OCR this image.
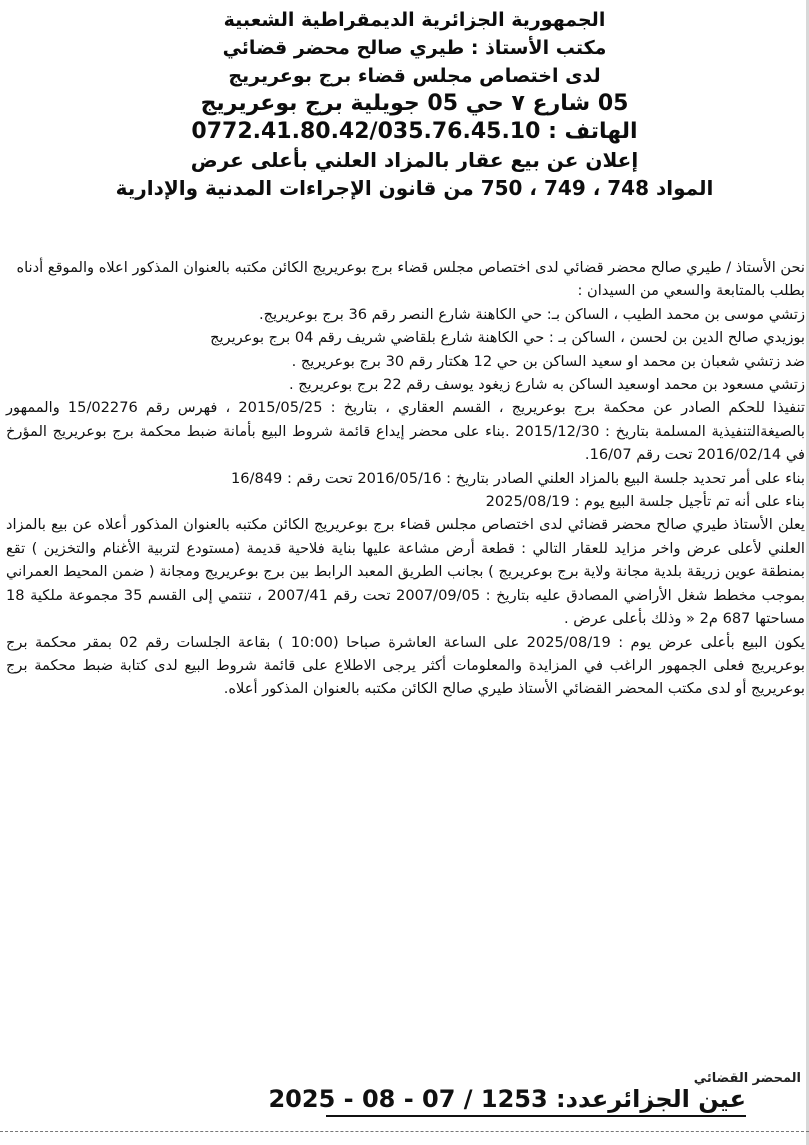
الجمهورية الجزائرية الديمقراطية الشعبية
مكتب الأستاذ : طيري صالح محضر قضائي
لدى اختصاص مجلس قضاء برج بوعريريج
05 شارع ٧ حي 05 جويلية برج بوعريريج
الهاتف : 0772.41.80.42/035.76.45.10
إعلان عن بيع عقار بالمزاد العلني بأعلى عرض
المواد 748 ، 749 ، 750 من قانون الإجراءات المدنية والإدارية

نحن الأستاذ / طيري صالح محضر قضائي لدى اختصاص مجلس قضاء برج بوعريريج الكائن مكتبه بالعنوان المذكور اعلاه والموقع أدناه

بطلب بالمتابعة والسعي من السيدان :

زتشي موسى بن محمد الطيب ، الساكن بـ: حي الكاهنة شارع النصر رقم 36 برج بوعريريج.

بوزيدي صالح الدين بن لحسن ، الساكن بـ : حي الكاهنة شارع بلقاضي شريف رقم 04 برج بوعريريج

ضد زتشي شعبان بن محمد او سعيد الساكن بن حي 12 هكتار رقم 30 برج بوعريريج .

زتشي مسعود بن محمد اوسعيد الساكن به شارع زيغود يوسف رقم 22 برج بوعريريج .

تنفيذا للحكم الصادر عن محكمة برج بوعريريج ، القسم العقاري ، بتاريخ : 2015/05/25 ، فهرس رقم 15/02276 والممهور بالصيغةالتنفيذية المسلمة بتاريخ : 2015/12/30 .بناء على محضر إيداع قائمة شروط البيع بأمانة ضبط محكمة برج بوعريريج المؤرخ في 2016/02/14 تحت رقم 16/07.

بناء على أمر تحديد جلسة البيع بالمزاد العلني الصادر بتاريخ : 2016/05/16 تحت رقم : 16/849

بناء على أنه تم تأجيل جلسة البيع يوم : 2025/08/19

يعلن الأستاذ طيري صالح محضر قضائي لدى اختصاص مجلس قضاء برج بوعريريج الكائن مكتبه بالعنوان المذكور أعلاه عن بيع بالمزاد العلني لأعلى عرض واخر مزايد للعقار التالي : قطعة أرض مشاعة عليها بناية فلاحية قديمة (مستودع لتربية الأغنام والتخزين ) تقع بمنطقة عوين زريقة بلدية مجانة ولاية برج بوعريريج ) بجانب الطريق المعبد الرابط بين برج بوعريريج ومجانة ( ضمن المحيط العمراني بموجب مخطط شغل الأراضي المصادق عليه بتاريخ : 2007/09/05 تحت رقم 2007/41 ، تنتمي إلى القسم 35 مجموعة ملكية 18 مساحتها 687 م2 « وذلك بأعلى عرض .

يكون البيع بأعلى عرض يوم : 2025/08/19 على الساعة العاشرة صباحا (10:00 ) بقاعة الجلسات رقم 02 بمقر محكمة برج بوعريريج فعلى الجمهور الراغب في المزايدة والمعلومات أكثر يرجى الاطلاع على قائمة شروط البيع لدى كتابة ضبط محكمة برج بوعريريج أو لدى مكتب المحضر القضائي الأستاذ طيري صالح الكائن مكتبه بالعنوان المذكور أعلاه.

المحضر القضائي
عين الجزائرعدد: 2025 - 08 - 07 / 1253
